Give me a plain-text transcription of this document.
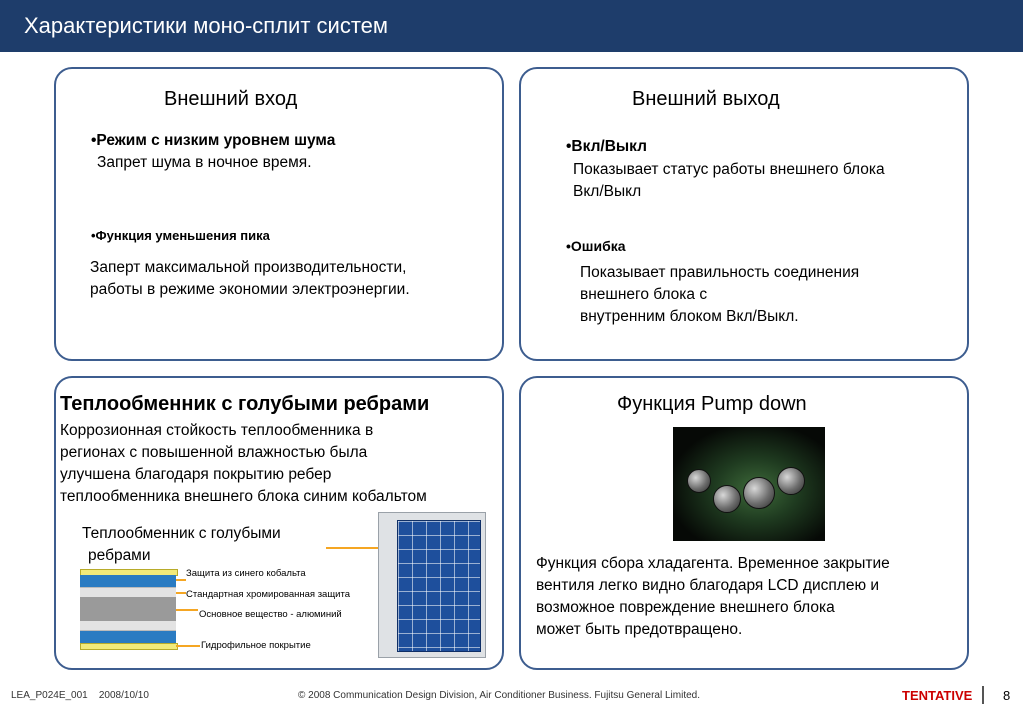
Характеристики моно-сплит систем
Внешний вход
•Режим с низким уровнем шума
Запрет шума в ночное время.
•Функция уменьшения пика
Заперт максимальной производительности,
работы в режиме экономии электроэнергии.
Внешний выход
•Вкл/Выкл
Показывает статус работы внешнего блока
Вкл/Выкл
•Ошибка
Показывает правильность соединения
внешнего блока с
внутренним блоком Вкл/Выкл.
Теплообменник с голубыми ребрами
Коррозионная стойкость теплообменника в
регионах с повышенной влажностью была
улучшена благодаря покрытию ребер
теплообменника внешнего блока синим кобальтом
Теплообменник с голубыми
ребрами
Защита из синего кобальта
Стандартная хромированная защита
Основное вещество - алюминий
Гидрофильное покрытие
Функция Pump down
Функция сбора хладагента. Временное закрытие
вентиля легко видно благодаря LCD дисплею и
возможное повреждение внешнего блока
может быть предотвращено.
LEA_P024E_001 2008/10/10	© 2008 Communication Design Division, Air Conditioner Business. Fujitsu General Limited.	TENTATIVE 8
